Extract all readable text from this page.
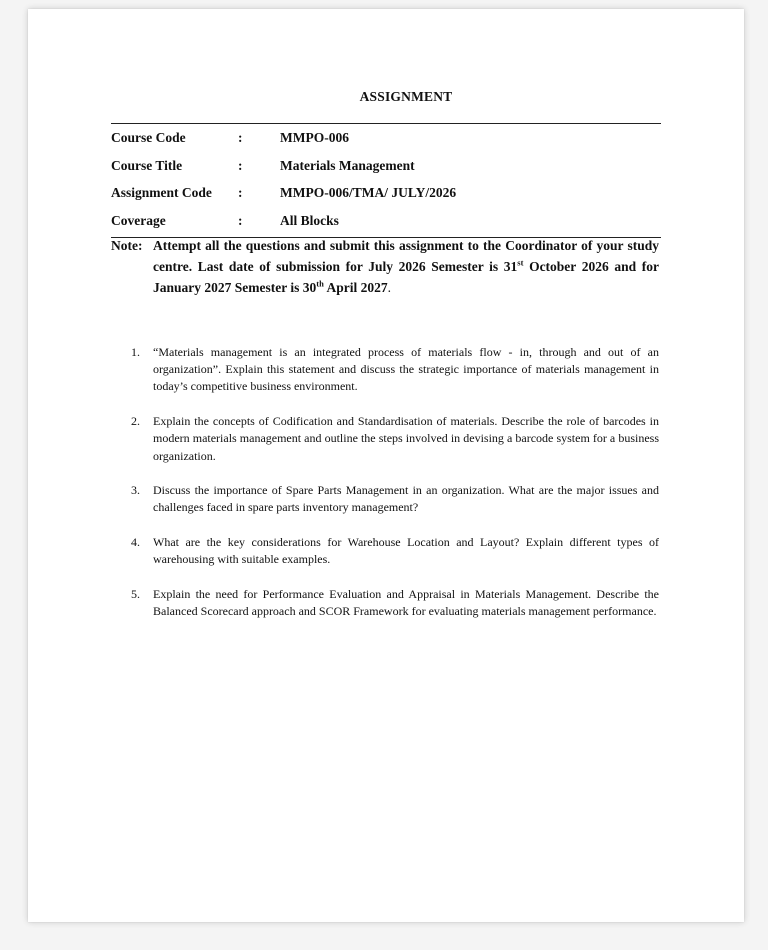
ASSIGNMENT
Course Code	:	MMPO-006
Course Title	:	Materials Management
Assignment Code :	MMPO-006/TMA/ JULY/2026
Coverage	:	All Blocks
Note: Attempt all the questions and submit this assignment to the Coordinator of your study centre. Last date of submission for July 2026 Semester is 31st October 2026 and for January 2027 Semester is 30th April 2027.
1. “Materials management is an integrated process of materials flow - in, through and out of an organization”. Explain this statement and discuss the strategic importance of materials management in today’s competitive business environment.
2. Explain the concepts of Codification and Standardisation of materials. Describe the role of barcodes in modern materials management and outline the steps involved in devising a barcode system for a business organization.
3. Discuss the importance of Spare Parts Management in an organization. What are the major issues and challenges faced in spare parts inventory management?
4. What are the key considerations for Warehouse Location and Layout? Explain different types of warehousing with suitable examples.
5. Explain the need for Performance Evaluation and Appraisal in Materials Management. Describe the Balanced Scorecard approach and SCOR Framework for evaluating materials management performance.
